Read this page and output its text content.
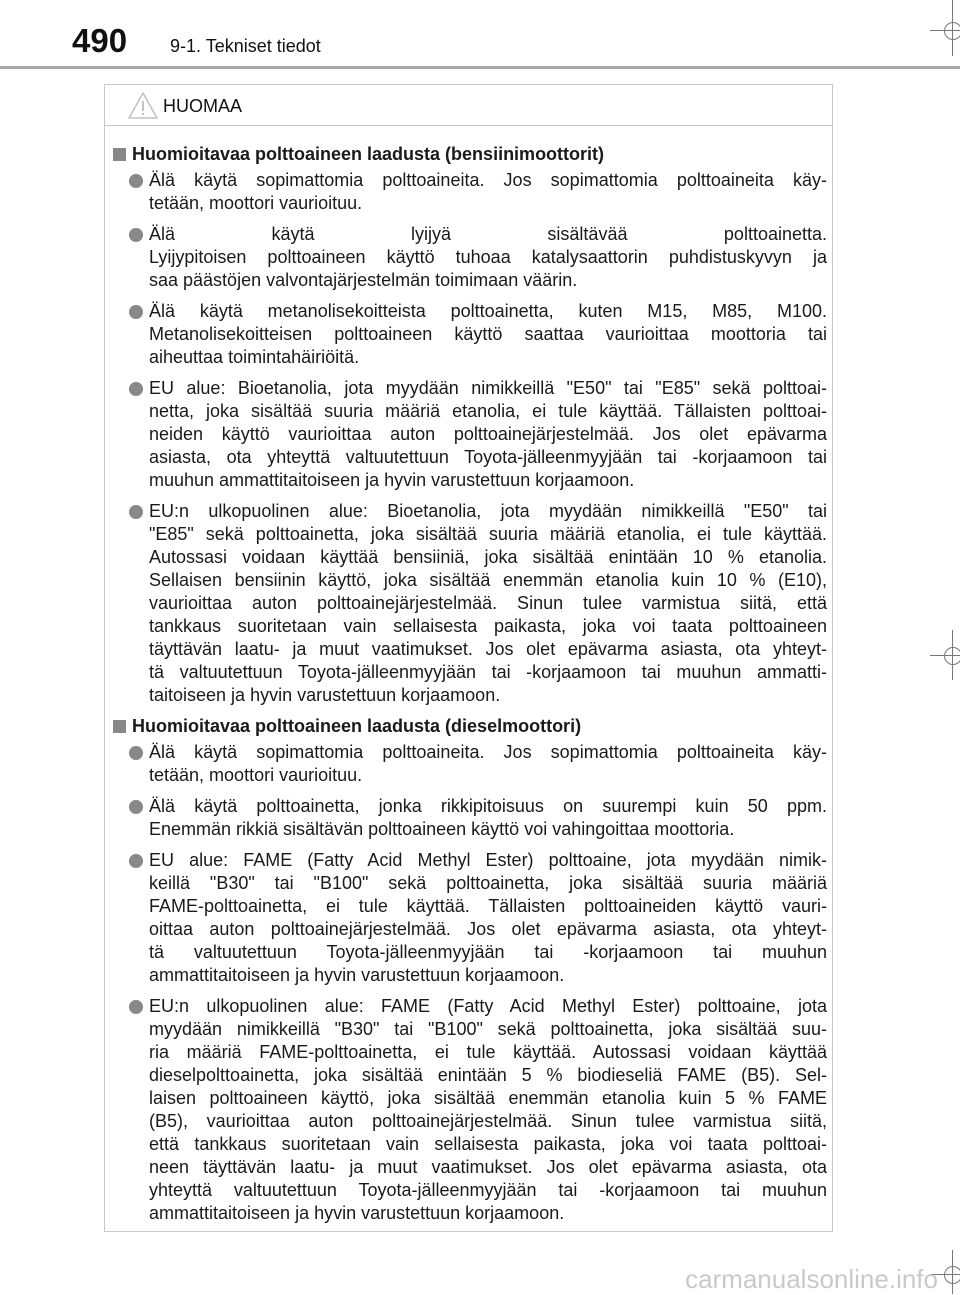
490 9-1. Tekniset tiedot
HUOMAA
Huomioitavaa polttoaineen laadusta (bensiinimoottorit)
Älä käytä sopimattomia polttoaineita. Jos sopimattomia polttoaineita käy-
tetään, moottori vaurioituu.
Älä käytä lyijyä sisältävää polttoainetta.
Lyijypitoisen polttoaineen käyttö tuhoaa katalysaattorin puhdistuskyvyn ja
saa päästöjen valvontajärjestelmän toimimaan väärin.
Älä käytä metanolisekoitteista polttoainetta, kuten M15, M85, M100.
Metanolisekoitteisen polttoaineen käyttö saattaa vaurioittaa moottoria tai
aiheuttaa toimintahäiriöitä.
EU alue: Bioetanolia, jota myydään nimikkeillä "E50" tai "E85" sekä polttoai-
netta, joka sisältää suuria määriä etanolia, ei tule käyttää. Tällaisten polttoai-
neiden käyttö vaurioittaa auton polttoainejärjestelmää. Jos olet epävarma
asiasta, ota yhteyttä valtuutettuun Toyota-jälleenmyyjään tai -korjaamoon tai
muuhun ammattitaitoiseen ja hyvin varustettuun korjaamoon.
EU:n ulkopuolinen alue: Bioetanolia, jota myydään nimikkeillä "E50" tai
"E85" sekä polttoainetta, joka sisältää suuria määriä etanolia, ei tule käyttää.
Autossasi voidaan käyttää bensiiniä, joka sisältää enintään 10 % etanolia.
Sellaisen bensiinin käyttö, joka sisältää enemmän etanolia kuin 10 % (E10),
vaurioittaa auton polttoainejärjestelmää. Sinun tulee varmistua siitä, että
tankkaus suoritetaan vain sellaisesta paikasta, joka voi taata polttoaineen
täyttävän laatu- ja muut vaatimukset. Jos olet epävarma asiasta, ota yhteyt-
tä valtuutettuun Toyota-jälleenmyyjään tai -korjaamoon tai muuhun ammatti-
taitoiseen ja hyvin varustettuun korjaamoon.
Huomioitavaa polttoaineen laadusta (dieselmoottori)
Älä käytä sopimattomia polttoaineita. Jos sopimattomia polttoaineita käy-
tetään, moottori vaurioituu.
Älä käytä polttoainetta, jonka rikkipitoisuus on suurempi kuin 50 ppm.
Enemmän rikkiä sisältävän polttoaineen käyttö voi vahingoittaa moottoria.
EU alue: FAME (Fatty Acid Methyl Ester) polttoaine, jota myydään nimik-
keillä "B30" tai "B100" sekä polttoainetta, joka sisältää suuria määriä
FAME-polttoainetta, ei tule käyttää. Tällaisten polttoaineiden käyttö vauri-
oittaa auton polttoainejärjestelmää. Jos olet epävarma asiasta, ota yhteyt-
tä valtuutettuun Toyota-jälleenmyyjään tai -korjaamoon tai muuhun
ammattitaitoiseen ja hyvin varustettuun korjaamoon.
EU:n ulkopuolinen alue: FAME (Fatty Acid Methyl Ester) polttoaine, jota
myydään nimikkeillä "B30" tai "B100" sekä polttoainetta, joka sisältää suu-
ria määriä FAME-polttoainetta, ei tule käyttää. Autossasi voidaan käyttää
dieselpolttoainetta, joka sisältää enintään 5 % biodieseliä FAME (B5). Sel-
laisen polttoaineen käyttö, joka sisältää enemmän etanolia kuin 5 % FAME
(B5), vaurioittaa auton polttoainejärjestelmää. Sinun tulee varmistua siitä,
että tankkaus suoritetaan vain sellaisesta paikasta, joka voi taata polttoai-
neen täyttävän laatu- ja muut vaatimukset. Jos olet epävarma asiasta, ota
yhteyttä valtuutettuun Toyota-jälleenmyyjään tai -korjaamoon tai muuhun
ammattitaitoiseen ja hyvin varustettuun korjaamoon.
carmanualsonline.info
